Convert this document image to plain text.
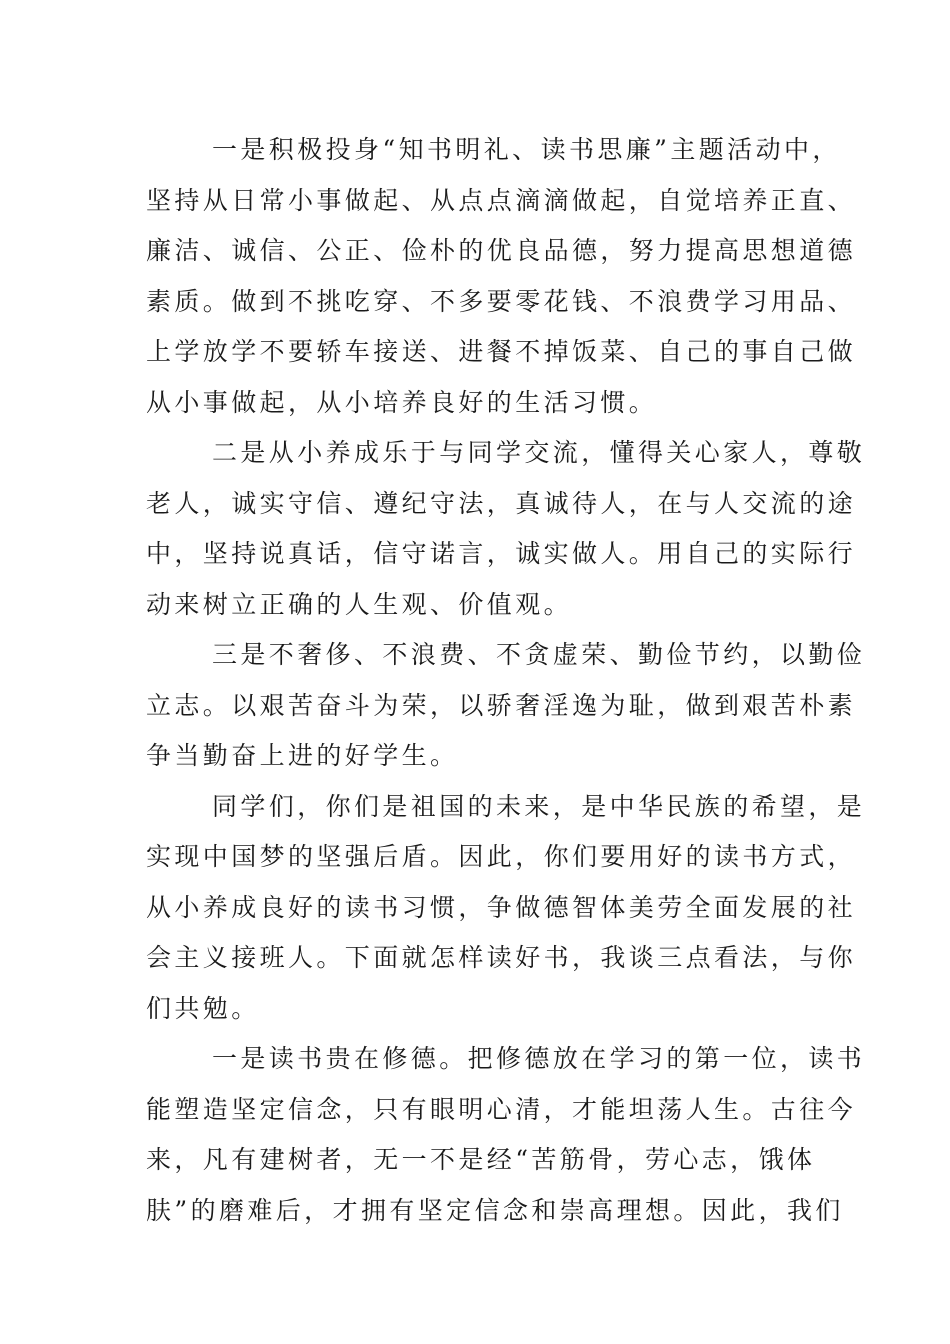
一是积极投身“知书明礼、读书思廉”主题活动中，
坚持从日常小事做起、从点点滴滴做起，自觉培养正直、
廉洁、诚信、公正、俭朴的优良品德，努力提高思想道德
素质。做到不挑吃穿、不多要零花钱、不浪费学习用品、
上学放学不要轿车接送、进餐不掉饭菜、自己的事自己做
从小事做起，从小培养良好的生活习惯。
二是从小养成乐于与同学交流，懂得关心家人，尊敬
老人，诚实守信、遵纪守法，真诚待人，在与人交流的途
中，坚持说真话，信守诺言，诚实做人。用自己的实际行
动来树立正确的人生观、价值观。
三是不奢侈、不浪费、不贪虚荣、勤俭节约，以勤俭
立志。以艰苦奋斗为荣，以骄奢淫逸为耻，做到艰苦朴素
争当勤奋上进的好学生。
同学们，你们是祖国的未来，是中华民族的希望，是
实现中国梦的坚强后盾。因此，你们要用好的读书方式，
从小养成良好的读书习惯，争做德智体美劳全面发展的社
会主义接班人。下面就怎样读好书，我谈三点看法，与你
们共勉。
一是读书贵在修德。把修德放在学习的第一位，读书
能塑造坚定信念，只有眼明心清，才能坦荡人生。古往今
来，凡有建树者，无一不是经“苦筋骨，劳心志，饿体
肤”的磨难后，才拥有坚定信念和崇高理想。因此，我们
